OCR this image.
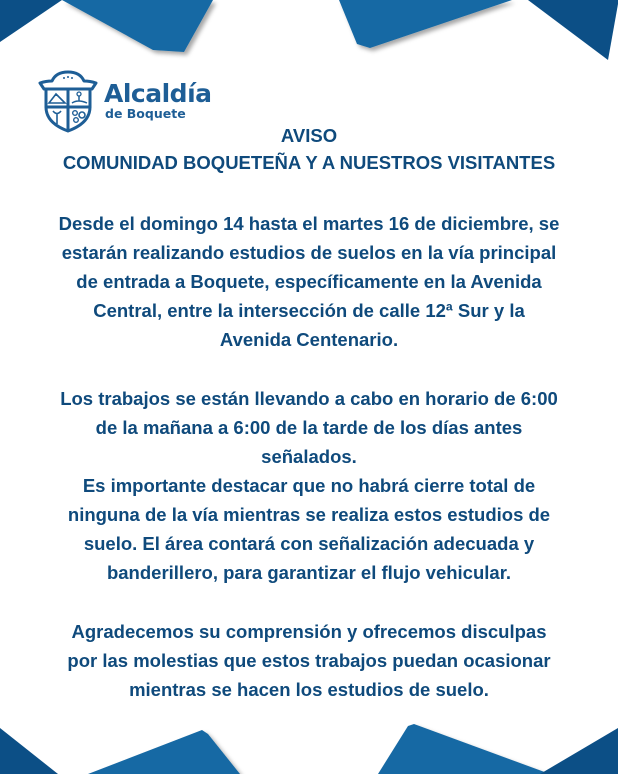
Alcaldía
de Boquete

AVISO

COMUNIDAD BOQUETEÑA Y A NUESTROS VISITANTES

Desde el domingo 14 hasta el martes 16 de diciembre, se

estarán realizando estudios de suelos en la vía principal

de entrada a Boquete, específicamente en la Avenida

Central, entre la intersección de calle 12ª Sur y la

Avenida Centenario.

Los trabajos se están llevando a cabo en horario de 6:00

de la mañana a 6:00 de la tarde de los días antes

señalados.

Es importante destacar que no habrá cierre total de

ninguna de la vía mientras se realiza estos estudios de

suelo. El área contará con señalización adecuada y

banderillero, para garantizar el flujo vehicular.

Agradecemos su comprensión y ofrecemos disculpas

por las molestias que estos trabajos puedan ocasionar

mientras se hacen los estudios de suelo.
